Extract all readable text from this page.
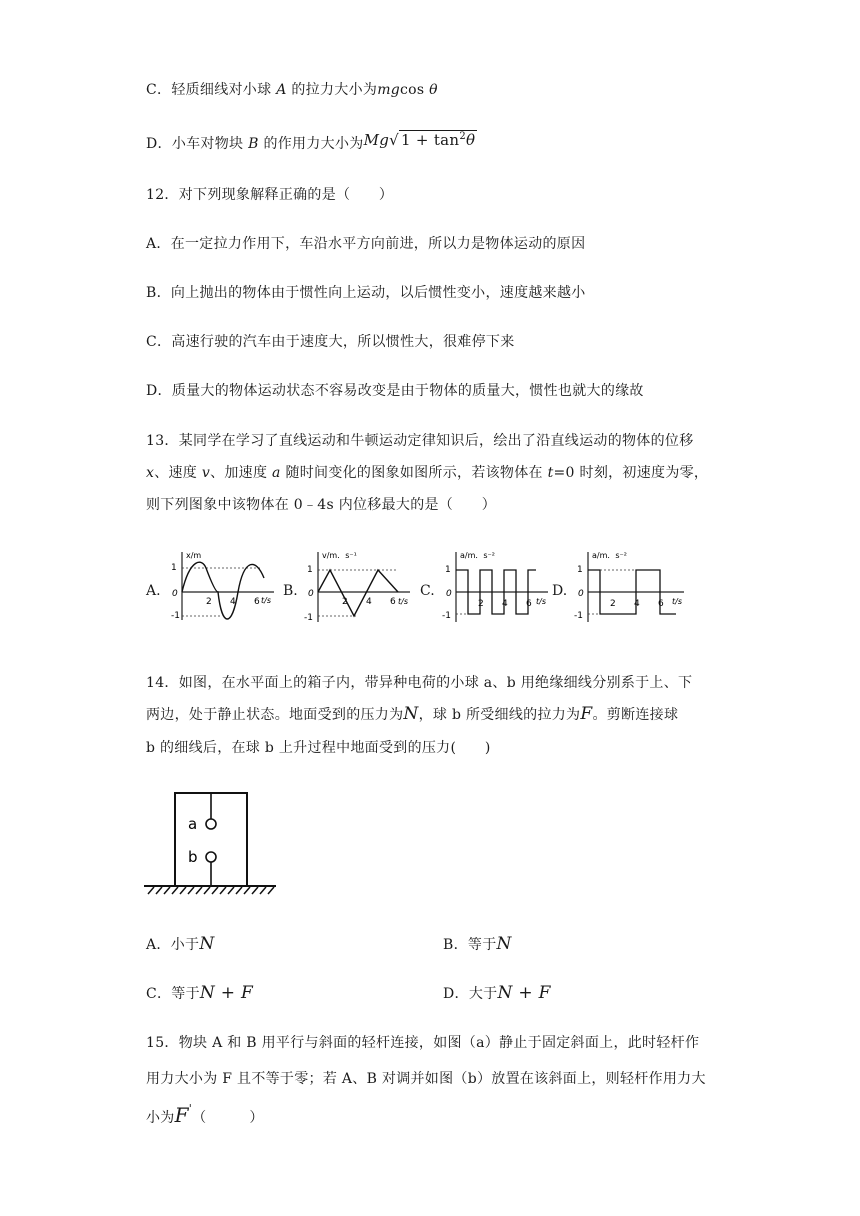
C．轻质细线对小球 A 的拉力大小为mgcos θ
D．小车对物块 B 的作用力大小为Mg√ $1 + \tan^2\theta$
12．对下列现象解释正确的是（　　）
A．在一定拉力作用下，车沿水平方向前进，所以力是物体运动的原因
B．向上抛出的物体由于惯性向上运动，以后惯性变小，速度越来越小
C．高速行驶的汽车由于速度大，所以惯性大，很难停下来
D．质量大的物体运动状态不容易改变是由于物体的质量大，惯性也就大的缘故
13．某同学在学习了直线运动和牛顿运动定律知识后，绘出了沿直线运动的物体的位移
x、速度 v、加速度 a 随时间变化的图象如图所示，若该物体在 t=0 时刻，初速度为零，
则下列图象中该物体在 0﹣4s 内位移最大的是（　　）
A.	B.	C.	D.
x/m
1
-1
0
2 4 6 t/s
v/m．s⁻¹
1
-1
0
2 4 6 t/s
a/m．s⁻²
1
-1
0
2 4 6 t/s
a/m．s⁻²
1
-1
0
2 4 6 t/s
14．如图，在水平面上的箱子内，带异种电荷的小球 a、b 用绝缘细线分别系于上、下
两边，处于静止状态。地面受到的压力为N，球 b 所受细线的拉力为F。剪断连接球
b 的细线后，在球 b 上升过程中地面受到的压力(　　)
a
b
A．小于N	B．等于N
C．等于N + F	D．大于N + F
15．物块 A 和 B 用平行与斜面的轻杆连接，如图（a）静止于固定斜面上，此时轻杆作
用力大小为 F 且不等于零；若 A、B 对调并如图（b）放置在该斜面上，则轻杆作用力大
小为F'（　　　）
